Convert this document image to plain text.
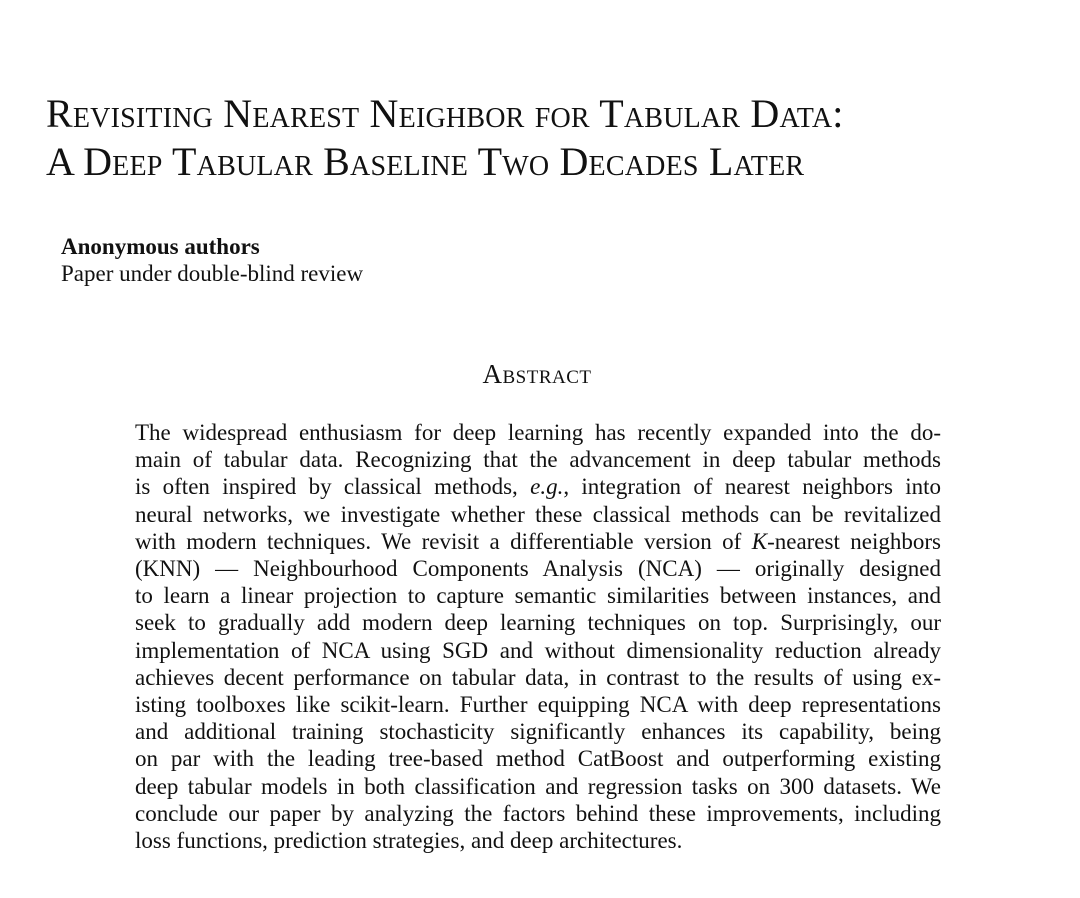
Revisiting Nearest Neighbor for Tabular Data:
A Deep Tabular Baseline Two Decades Later
Anonymous authors
Paper under double-blind review
Abstract
The widespread enthusiasm for deep learning has recently expanded into the do-
main of tabular data. Recognizing that the advancement in deep tabular methods
is often inspired by classical methods, e.g., integration of nearest neighbors into
neural networks, we investigate whether these classical methods can be revitalized
with modern techniques. We revisit a differentiable version of K-nearest neighbors
(KNN) — Neighbourhood Components Analysis (NCA) — originally designed
to learn a linear projection to capture semantic similarities between instances, and
seek to gradually add modern deep learning techniques on top. Surprisingly, our
implementation of NCA using SGD and without dimensionality reduction already
achieves decent performance on tabular data, in contrast to the results of using ex-
isting toolboxes like scikit-learn. Further equipping NCA with deep representations
and additional training stochasticity significantly enhances its capability, being
on par with the leading tree-based method CatBoost and outperforming existing
deep tabular models in both classification and regression tasks on 300 datasets. We
conclude our paper by analyzing the factors behind these improvements, including
loss functions, prediction strategies, and deep architectures.
